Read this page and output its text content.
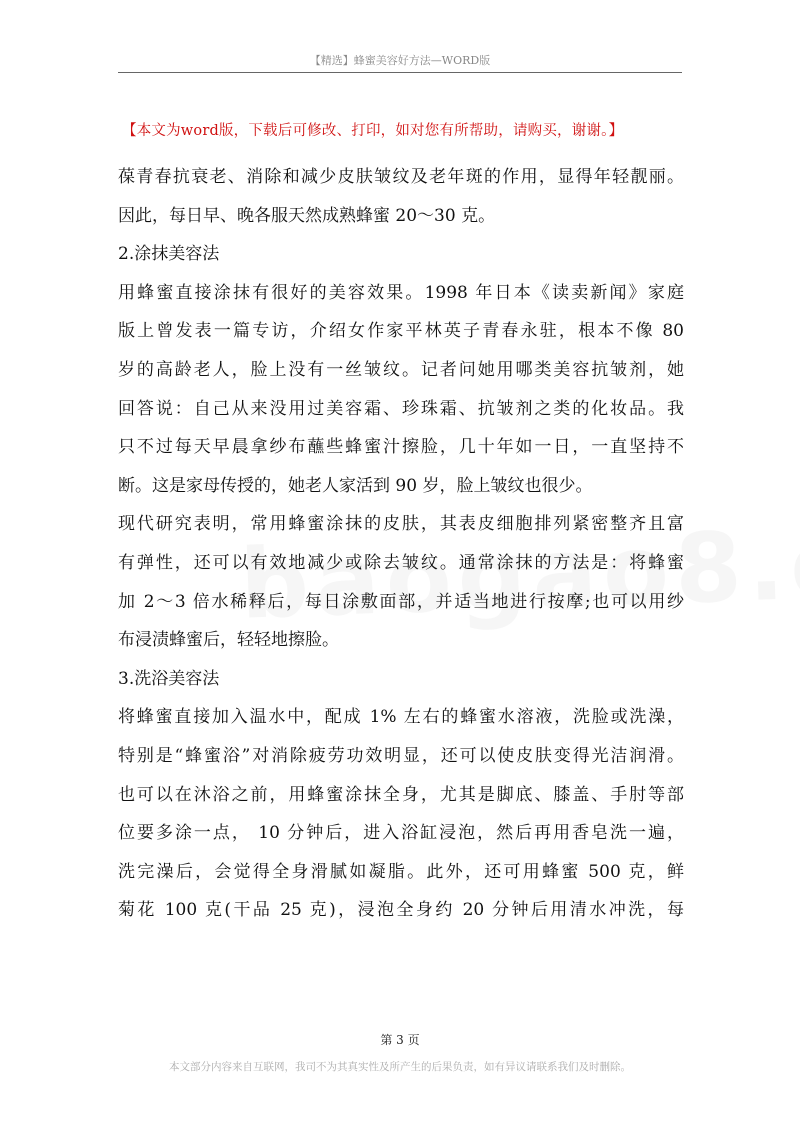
【精选】蜂蜜美容好方法—WORD版
【本文为word版，下载后可修改、打印，如对您有所帮助，请购买，谢谢。】

葆青春抗衰老、消除和减少皮肤皱纹及老年斑的作用，显得年轻靓丽。

因此，每日早、晚各服天然成熟蜂蜜 20～30 克。

2.涂抹美容法

用蜂蜜直接涂抹有很好的美容效果。1998 年日本《读卖新闻》家庭

版上曾发表一篇专访，介绍女作家平林英子青春永驻，根本不像 80

岁的高龄老人，脸上没有一丝皱纹。记者问她用哪类美容抗皱剂，她

回答说：自己从来没用过美容霜、珍珠霜、抗皱剂之类的化妆品。我

只不过每天早晨拿纱布蘸些蜂蜜汁擦脸，几十年如一日，一直坚持不

断。这是家母传授的，她老人家活到 90 岁，脸上皱纹也很少。

现代研究表明，常用蜂蜜涂抹的皮肤，其表皮细胞排列紧密整齐且富

有弹性，还可以有效地减少或除去皱纹。通常涂抹的方法是：将蜂蜜

加 2～3 倍水稀释后，每日涂敷面部，并适当地进行按摩;也可以用纱

布浸渍蜂蜜后，轻轻地擦脸。

3.洗浴美容法

将蜂蜜直接加入温水中，配成 1% 左右的蜂蜜水溶液，洗脸或洗澡，

特别是“蜂蜜浴”对消除疲劳功效明显，还可以使皮肤变得光洁润滑。

也可以在沐浴之前，用蜂蜜涂抹全身，尤其是脚底、膝盖、手肘等部

位要多涂一点， 10 分钟后，进入浴缸浸泡，然后再用香皂洗一遍，

洗完澡后，会觉得全身滑腻如凝脂。此外，还可用蜂蜜 500 克，鲜

菊花 100 克(干品 25 克)，浸泡全身约 20 分钟后用清水冲洗，每

第 3 页
本文部分内容来自互联网，我司不为其真实性及所产生的后果负责，如有异议请联系我们及时删除。
